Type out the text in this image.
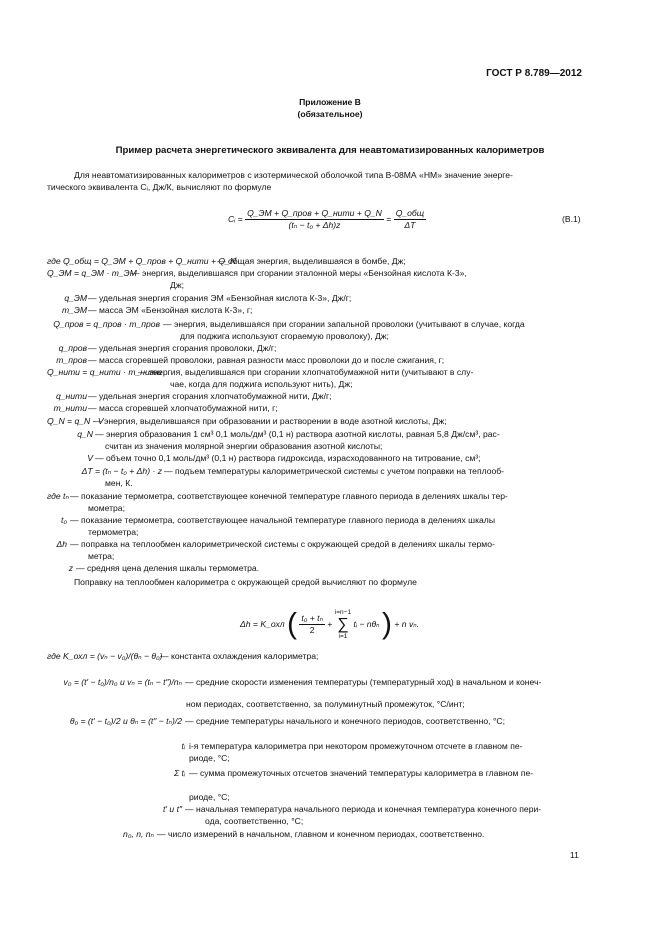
ГОСТ Р 8.789—2012
Приложение В
(обязательное)
Пример расчета энергетического эквивалента для неавтоматизированных калориметров
Для неавтоматизированных калориметров с изотермической оболочкой типа В-08МА «НМ» значение энерге-
тического эквивалента Cᵢ, Дж/К, вычисляют по формуле
Cᵢ = $\frac{\text{Q\_ЭМ + Q\_пров + Q\_нити + Q\_N}}{\text{(tₙ − t₀ + Δh)z}} = \frac{\text{Q\_общ}}{\Delta T}$	(В.1)
где Q_общ = Q_ЭМ + Q_пров + Q_нити + Q_N
— общая энергия, выделившаяся в бомбе, Дж;
Q_ЭМ = q_ЭМ · m_ЭМ
— энергия, выделившаяся при сгорании эталонной меры «Бензойная кислота К-3»,
Дж;
q_ЭМ — удельная энергия сгорания ЭМ «Бензойная кислота К-3», Дж/г;
m_ЭМ — масса ЭМ «Бензойная кислота К-3», г;
Q_пров = q_пров · m_пров — энергия, выделившаяся при сгорании запальной проволоки (учитывают в случае, когда
для поджига используют сгораемую проволоку), Дж;
q_пров — удельная энергия сгорания проволоки, Дж/г;
m_пров — масса сгоревшей проволоки, равная разности масс проволоки до и после сжигания, г;
Q_нити = q_нити · m_нити
— энергия, выделившаяся при сгорании хлопчатобумажной нити (учитывают в слу-
чае, когда для поджига используют нить), Дж;
q_нити — удельная энергия сгорания хлопчатобумажной нити, Дж/г;
m_нити — масса сгоревшей хлопчатобумажной нити, г;
Q_N = q_N · V
— энергия, выделившаяся при образовании и растворении в воде азотной кислоты, Дж;
q_N — энергия образования 1 см³ 0,1 моль/дм³ (0,1 н) раствора азотной кислоты, равная 5,8 Дж/см³, рас-
считан из значения молярной энергии образования азотной кислоты;
V — объем точно 0,1 моль/дм³ (0,1 н) раствора гидроксида, израсходованного на титрование, см³;
ΔT = (tₙ − t₀ + Δh) · z — подъем температуры калориметрической системы с учетом поправки на теплооб-
мен, К.
где tₙ — показание термометра, соответствующее конечной температуре главного периода в делениях шкалы тер-
мометра;
t₀ — показание термометра, соответствующее начальной температуре главного периода в делениях шкалы
термометра;
Δh — поправка на теплообмен калориметрической системы с окружающей средой в делениях шкалы термо-
метра;
z — средняя цена деления шкалы термометра.
Поправку на теплообмен калориметра с окружающей средой вычисляют по формуле
Δh = K_охл ( $\frac{\text{t₀ + tₙ}}{2}$ +
i=n−1
∑
i=1
tᵢ − nθₙ ) + n vₙ.
где K_охл = (vₙ − v₀)/(θₙ − θ₀)
— константа охлаждения калориметра;
v₀ = (t′ − t₀)/n₀ и vₙ = (tₙ − t″)/nₙ — средние скорости изменения температуры (температурный ход) в начальном и конеч-
ном периодах, соответственно, за полуминутный промежуток, °С/инт;
θ₀ = (t′ − t₀)/2 и θₙ = (t″ − tₙ)/2 — средние температуры начального и конечного периодов, соответственно, °С;
tᵢ i-я температура калориметра при некотором промежуточном отсчете в главном пе-
риоде, °С;
Σ tᵢ — сумма промежуточных отсчетов значений температуры калориметра в главном пе-
риоде, °С;
t′ и t″ — начальная температура начального периода и конечная температура конечного пери-
ода, соответственно, °С;
n₀, n, nₙ — число измерений в начальном, главном и конечном периодах, соответственно.
11
